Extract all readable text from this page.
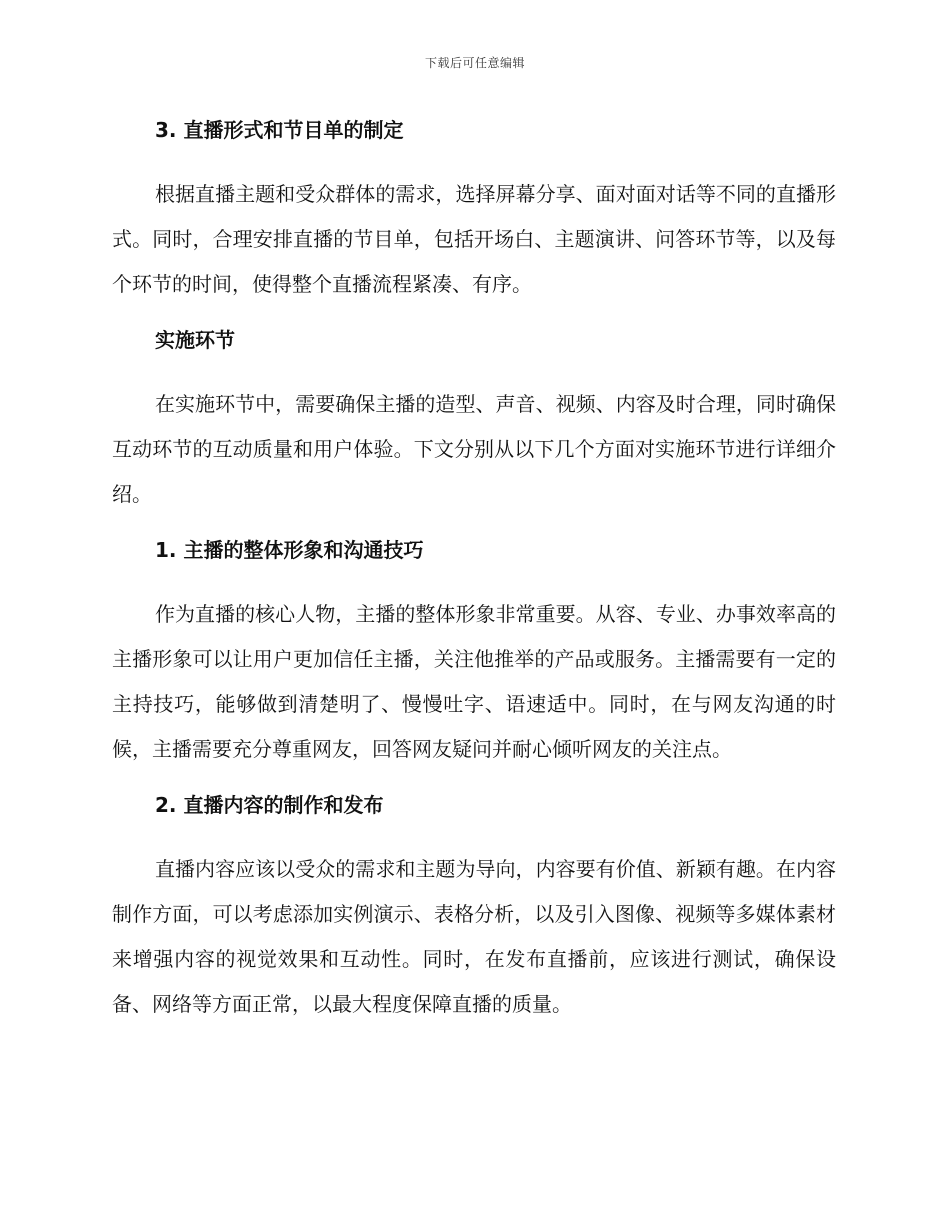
下载后可任意编辑
3. 直播形式和节目单的制定

根据直播主题和受众群体的需求，选择屏幕分享、面对面对话等不同的直播形式。同时，合理安排直播的节目单，包括开场白、主题演讲、问答环节等，以及每个环节的时间，使得整个直播流程紧凑、有序。

实施环节

在实施环节中，需要确保主播的造型、声音、视频、内容及时合理，同时确保互动环节的互动质量和用户体验。下文分别从以下几个方面对实施环节进行详细介绍。

1. 主播的整体形象和沟通技巧

作为直播的核心人物，主播的整体形象非常重要。从容、专业、办事效率高的主播形象可以让用户更加信任主播，关注他推举的产品或服务。主播需要有一定的主持技巧，能够做到清楚明了、慢慢吐字、语速适中。同时，在与网友沟通的时候，主播需要充分尊重网友，回答网友疑问并耐心倾听网友的关注点。

2. 直播内容的制作和发布

直播内容应该以受众的需求和主题为导向，内容要有价值、新颖有趣。在内容制作方面，可以考虑添加实例演示、表格分析，以及引入图像、视频等多媒体素材来增强内容的视觉效果和互动性。同时，在发布直播前，应该进行测试，确保设备、网络等方面正常，以最大程度保障直播的质量。
